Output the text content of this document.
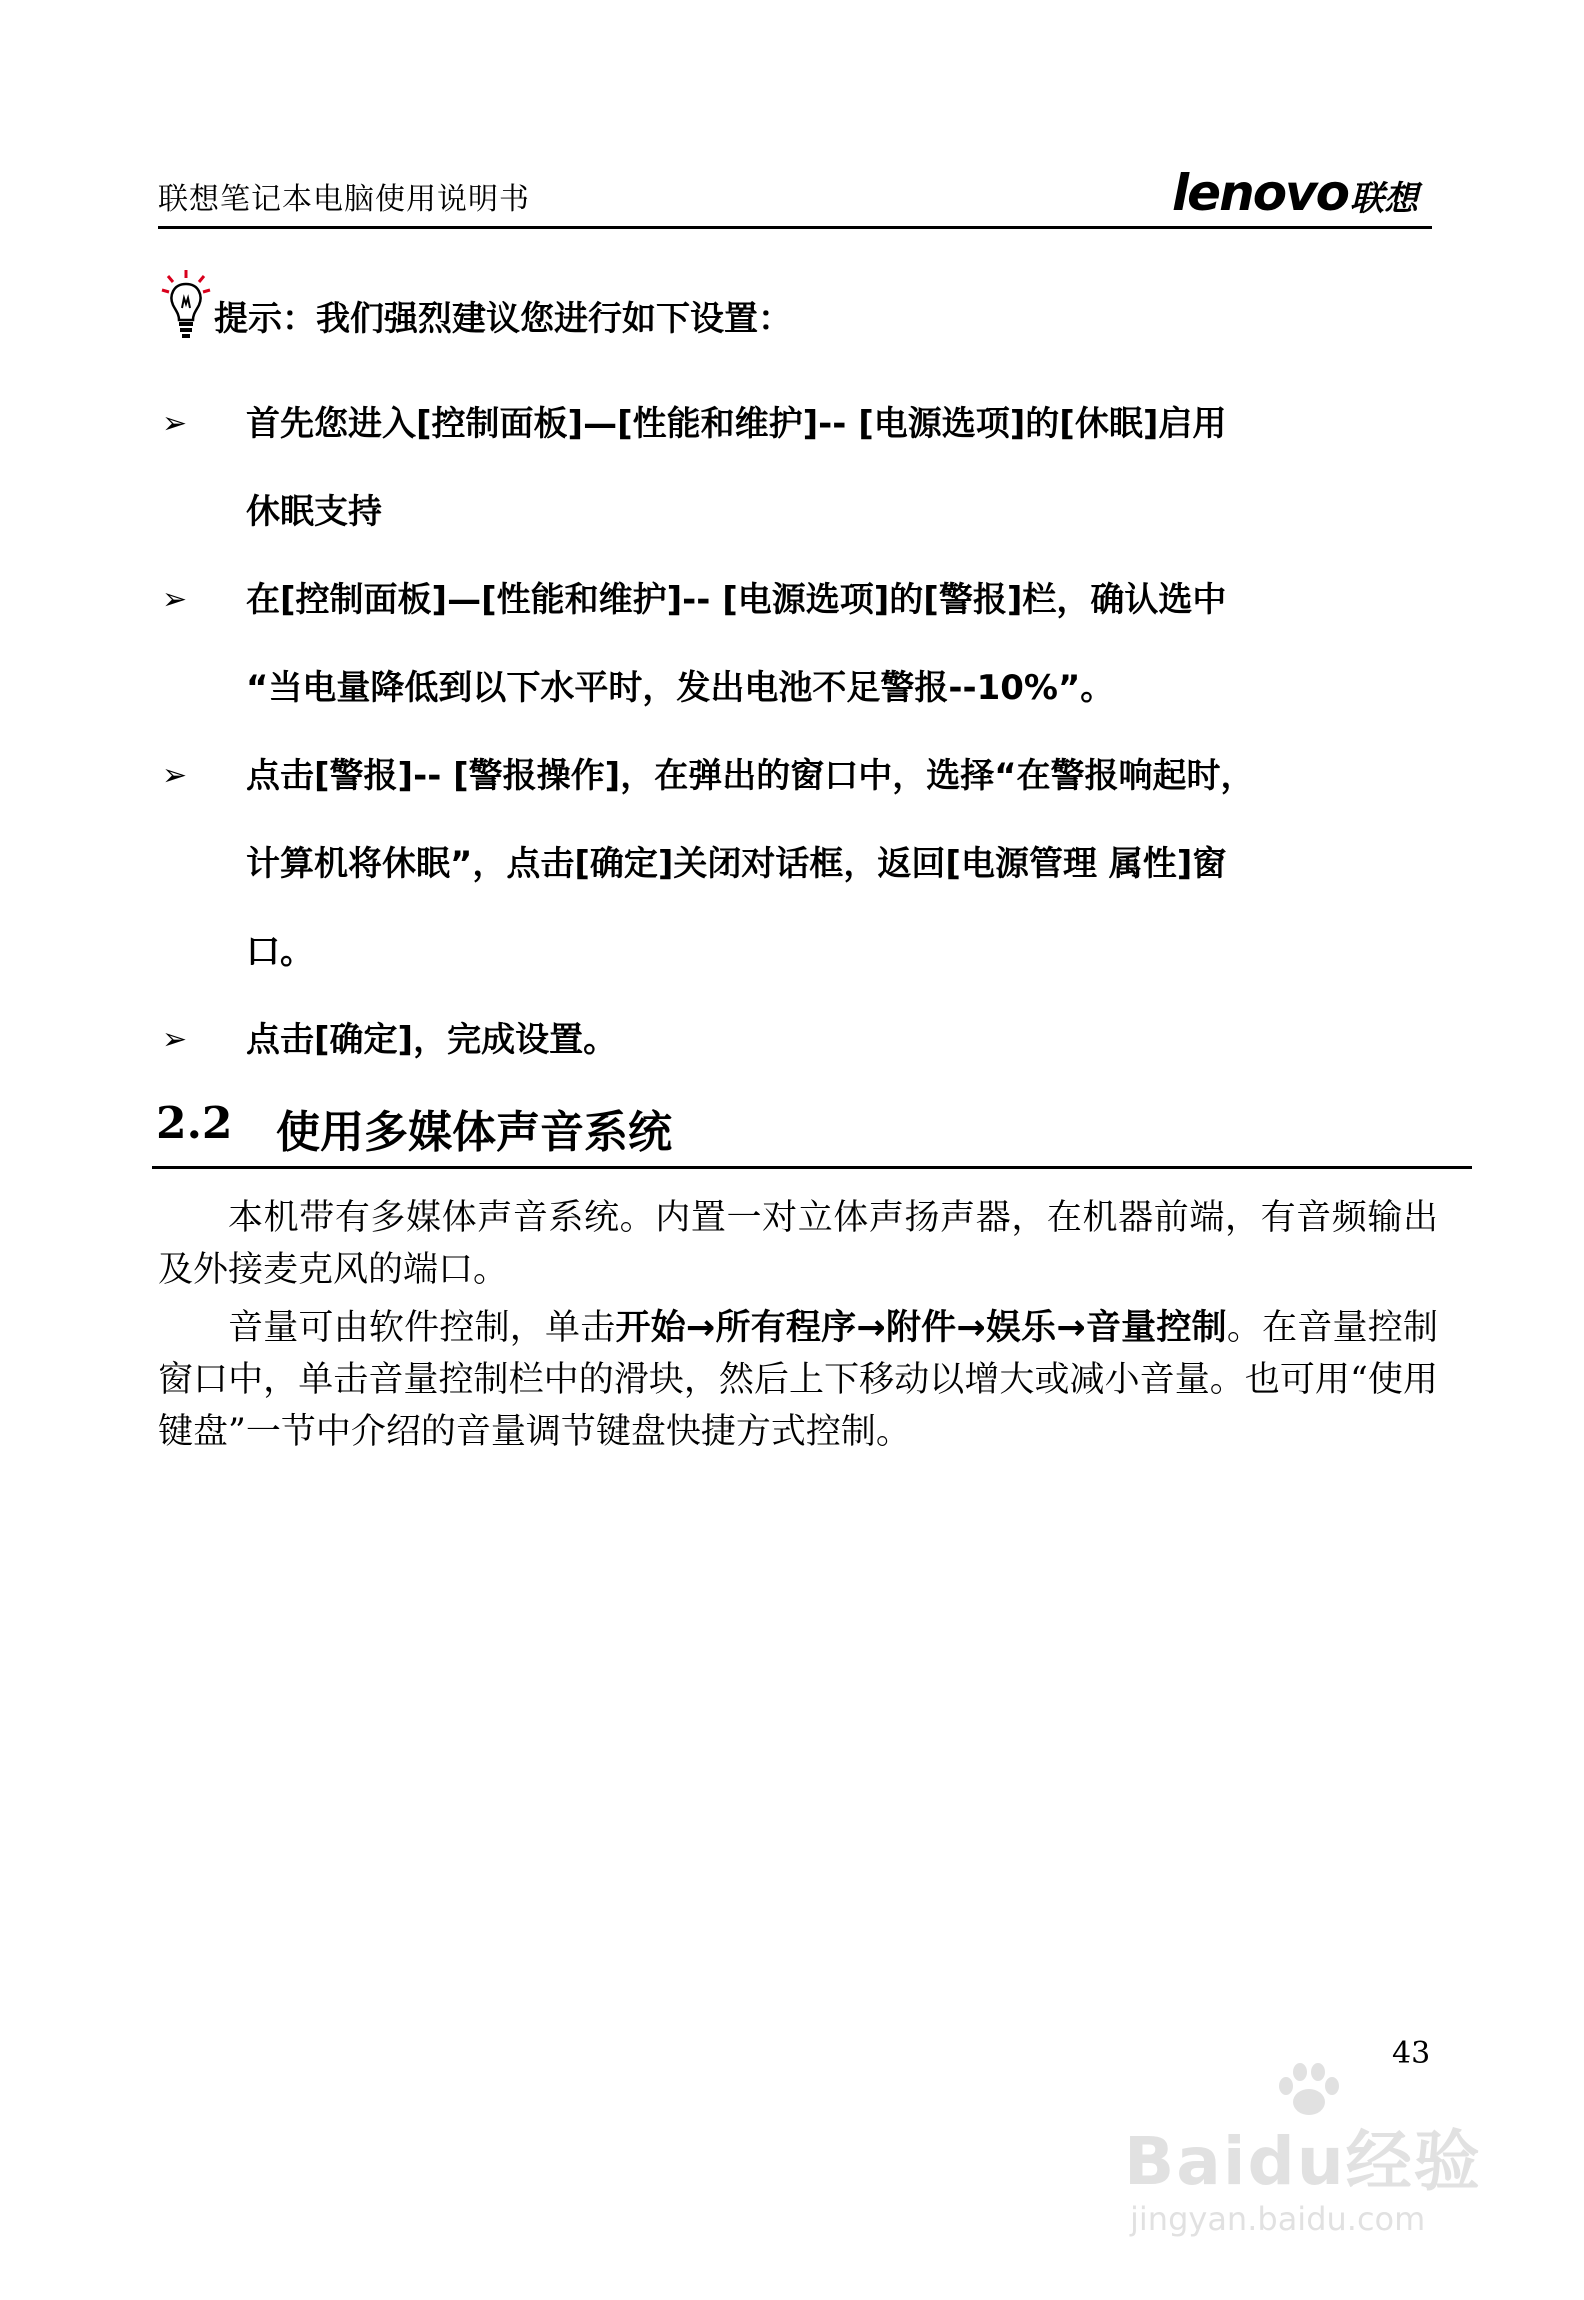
联想笔记本电脑使用说明书	lenovo 联想
提示：我们强烈建议您进行如下设置：
➢ 首先您进入[控制面板]—[性能和维护]-- [电源选项]的[休眠]启用
休眠支持
➢ 在[控制面板]—[性能和维护]-- [电源选项]的[警报]栏，确认选中
“当电量降低到以下水平时，发出电池不足警报--10%”。
➢ 点击[警报]-- [警报操作]，在弹出的窗口中，选择“在警报响起时，
计算机将休眠”，点击[确定]关闭对话框，返回[电源管理 属性]窗
口。
➢ 点击[确定]，完成设置。
2.2 使用多媒体声音系统

本机带有多媒体声音系统。内置一对立体声扬声器，在机器前端，有音频输出及外接麦克风的端口。

音量可由软件控制，单击开始→所有程序→附件→娱乐→音量控制。在音量控制窗口中，单击音量控制栏中的滑块，然后上下移动以增大或减小音量。也可用“使用键盘”一节中介绍的音量调节键盘快捷方式控制。

43
Baidu经验
jingyan.baidu.com
